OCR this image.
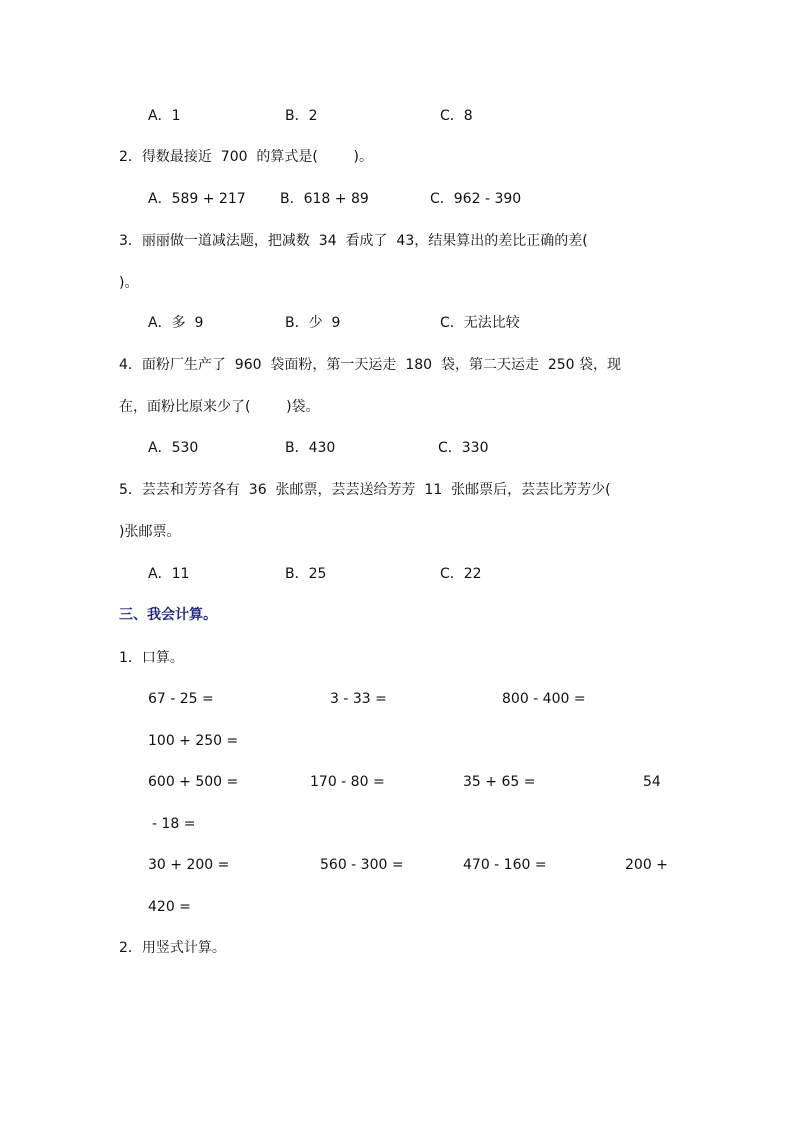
A．1	B．2	C．8
2．得数最接近  700  的算式是(        )。
A．589 + 217 B．618 + 89	C．962 - 390
3．丽丽做一道减法题，把减数  34  看成了  43，结果算出的差比正确的差(
)。
A．多  9	B．少  9	C．无法比较
4．面粉厂生产了  960  袋面粉，第一天运走  180  袋，第二天运走  250 袋，现
在，面粉比原来少了(        )袋。
A．530	B．430	C．330
5．芸芸和芳芳各有  36  张邮票，芸芸送给芳芳  11  张邮票后，芸芸比芳芳少(
)张邮票。
A．11	B．25	C．22
三、我会计算。
1．口算。
67 - 25 =	3 - 33 =	800 - 400 =
100 + 250 =
600 + 500 =	170 - 80 =	35 + 65 =	54
- 18 =
30 + 200 =	560 - 300 =	470 - 160 =	200 +
420 =
2．用竖式计算。
